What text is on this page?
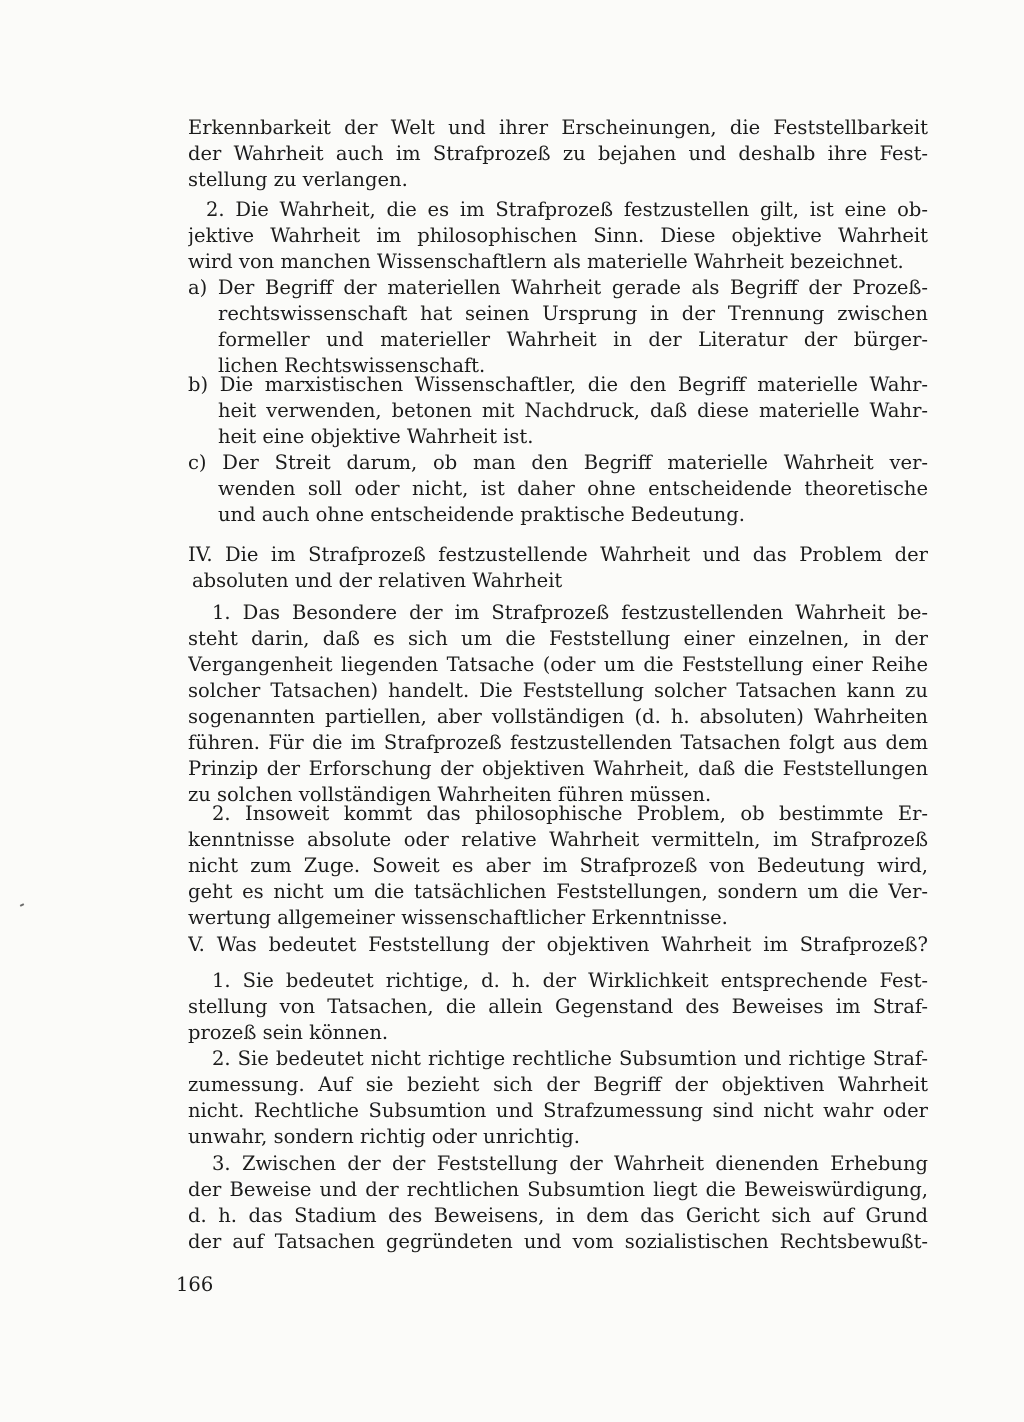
Erkennbarkeit der Welt und ihrer Erscheinungen, die Feststellbarkeit
der Wahrheit auch im Strafprozeß zu bejahen und deshalb ihre Fest-
stellung zu verlangen.
2. Die Wahrheit, die es im Strafprozeß festzustellen gilt, ist eine ob-
jektive Wahrheit im philosophischen Sinn. Diese objektive Wahrheit
wird von manchen Wissenschaftlern als materielle Wahrheit bezeichnet.
a) Der Begriff der materiellen Wahrheit gerade als Begriff der Prozeß-
rechtswissenschaft hat seinen Ursprung in der Trennung zwischen
formeller und materieller Wahrheit in der Literatur der bürger-
lichen Rechtswissenschaft.
b) Die marxistischen Wissenschaftler, die den Begriff materielle Wahr-
heit verwenden, betonen mit Nachdruck, daß diese materielle Wahr-
heit eine objektive Wahrheit ist.
c) Der Streit darum, ob man den Begriff materielle Wahrheit ver-
wenden soll oder nicht, ist daher ohne entscheidende theoretische
und auch ohne entscheidende praktische Bedeutung.
IV. Die im Strafprozeß festzustellende Wahrheit und das Problem der
absoluten und der relativen Wahrheit
1. Das Besondere der im Strafprozeß festzustellenden Wahrheit be-
steht darin, daß es sich um die Feststellung einer einzelnen, in der
Vergangenheit liegenden Tatsache (oder um die Feststellung einer Reihe
solcher Tatsachen) handelt. Die Feststellung solcher Tatsachen kann zu
sogenannten partiellen, aber vollständigen (d. h. absoluten) Wahrheiten
führen. Für die im Strafprozeß festzustellenden Tatsachen folgt aus dem
Prinzip der Erforschung der objektiven Wahrheit, daß die Feststellungen
zu solchen vollständigen Wahrheiten führen müssen.
2. Insoweit kommt das philosophische Problem, ob bestimmte Er-
kenntnisse absolute oder relative Wahrheit vermitteln, im Strafprozeß
nicht zum Zuge. Soweit es aber im Strafprozeß von Bedeutung wird,
geht es nicht um die tatsächlichen Feststellungen, sondern um die Ver-
wertung allgemeiner wissenschaftlicher Erkenntnisse.
V. Was bedeutet Feststellung der objektiven Wahrheit im Strafprozeß?
1. Sie bedeutet richtige, d. h. der Wirklichkeit entsprechende Fest-
stellung von Tatsachen, die allein Gegenstand des Beweises im Straf-
prozeß sein können.
2. Sie bedeutet nicht richtige rechtliche Subsumtion und richtige Straf-
zumessung. Auf sie bezieht sich der Begriff der objektiven Wahrheit
nicht. Rechtliche Subsumtion und Strafzumessung sind nicht wahr oder
unwahr, sondern richtig oder unrichtig.
3. Zwischen der der Feststellung der Wahrheit dienenden Erhebung
der Beweise und der rechtlichen Subsumtion liegt die Beweiswürdigung,
d. h. das Stadium des Beweisens, in dem das Gericht sich auf Grund
der auf Tatsachen gegründeten und vom sozialistischen Rechtsbewußt-
166
